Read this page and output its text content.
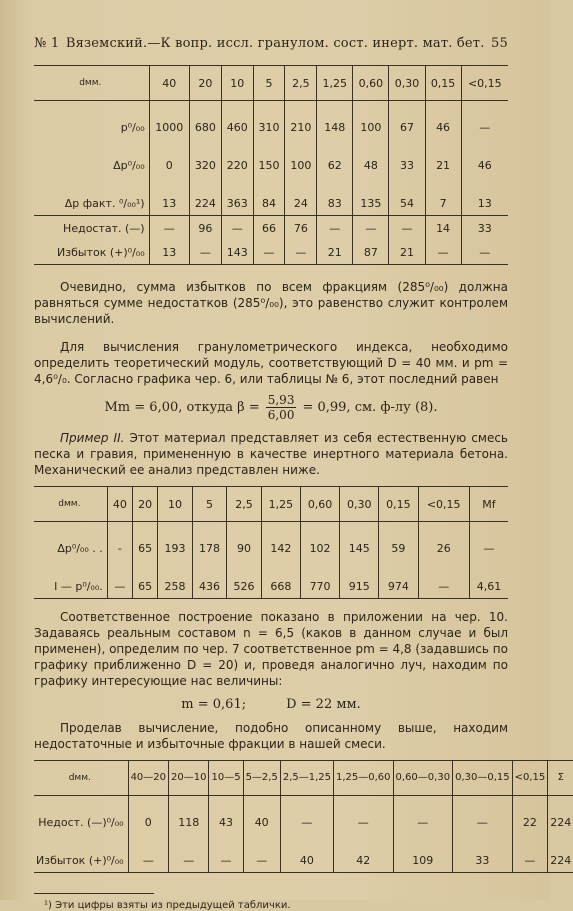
№ 1 Вяземский.—К вопр. иссл. гранулом. сост. инерт. мат. бет. 55
dмм.	40	20	10	5	2,5	1,25	0,60	0,30	0,15	<0,15
р⁰/₀₀	1000	680	460	310	210	148	100	67	46	—
Δр⁰/₀₀	0	320	220	150	100	62	48	33	21	46
Δр факт. ⁰/₀₀¹)	13	224	363	84	24	83	135	54	7	13
Недостат. (—)	—	96	—	66	76	—	—	—	14	33
Избыток (+)⁰/₀₀	13	—	143	—	—	21	87	21	—	—

Очевидно, сумма избытков по всем фракциям (285⁰/₀₀) должна равняться сумме недостатков (285⁰/₀₀), это равенство служит контролем вычислений.

Для вычисления гранулометрического индекса, необходимо определить теоретический модуль, соответствующий D = 40 мм. и pm = 4,6⁰/₀. Согласно графика чер. 6, или таблицы № 6, этот последний равен

Mm = 6,00, откуда $\beta = \frac{5,93}{6,00} = 0,99$, см. ф-лу (8).

Пример II. Этот материал представляет из себя естественную смесь песка и гравия, примененную в качестве инертного материала бетона. Механический ее анализ представлен ниже.

dмм.	40	20	10	5	2,5	1,25	0,60	0,30	0,15	<0,15	Mf
Δр⁰/₀₀ . .	-	65	193	178	90	142	102	145	59	26	—
I — р⁰/₀₀.	—	65	258	436	526	668	770	915	974	—	4,61

Соответственное построение показано в приложении на чер. 10. Задаваясь реальным составом n = 6,5 (каков в данном случае и был применен), определим по чер. 7 соответственное pm = 4,8 (задавшись по графику приближенно D = 20) и, проведя аналогично луч, находим по графику интересующие нас величины:

m = 0,61;	D = 22 мм.

Проделав вычисление, подобно описанному выше, находим недостаточные и избыточные фракции в нашей смеси.

dмм.	40—20	20—10	10—5	5—2,5	2,5—1,25	1,25—0,60	0,60—0,30	0,30—0,15	<0,15	Σ
Недост. (—)⁰/₀₀	0	118	43	40	—	—	—	—	22	224
Избыток (+)⁰/₀₀	—	—	—	—	40	42	109	33	—	224
¹) Эти цифры взяты из предыдущей таблички.
